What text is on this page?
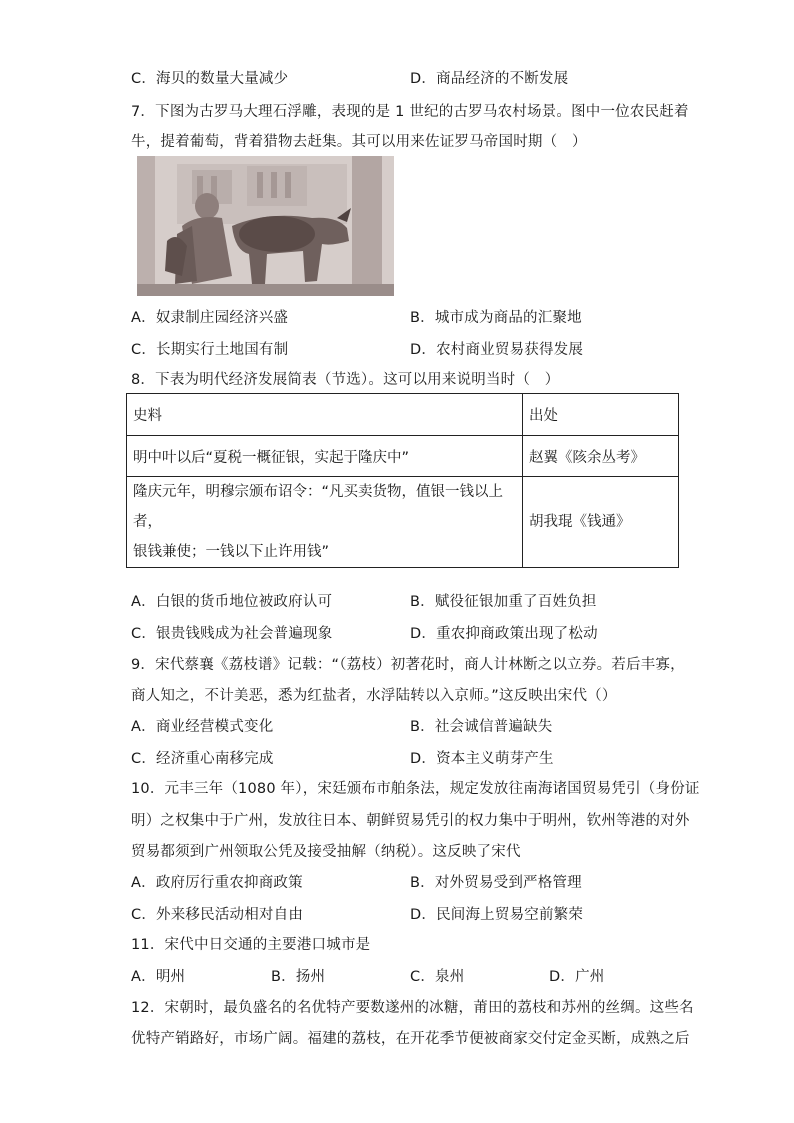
C．海贝的数量大量减少	D．商品经济的不断发展
7．下图为古罗马大理石浮雕，表现的是 1 世纪的古罗马农村场景。图中一位农民赶着
牛，提着葡萄，背着猎物去赶集。其可以用来佐证罗马帝国时期（　）
A．奴隶制庄园经济兴盛	B．城市成为商品的汇聚地
C．长期实行土地国有制	D．农村商业贸易获得发展
8．下表为明代经济发展简表（节选）。这可以用来说明当时（　）
史料	出处
明中叶以后“夏税一概征银，实起于隆庆中”	赵翼《陔余丛考》

隆庆元年，明穆宗颁布诏令：“凡买卖货物，值银一钱以上者，
银钱兼使；一钱以下止许用钱”	胡我琨《钱通》
A．白银的货币地位被政府认可	B．赋役征银加重了百姓负担
C．银贵钱贱成为社会普遍现象	D．重农抑商政策出现了松动
9．宋代蔡襄《荔枝谱》记载：“（荔枝）初著花时，商人计林断之以立券。若后丰寡，
商人知之，不计美恶，悉为红盐者，水浮陆转以入京师。”这反映出宋代（）
A．商业经营模式变化	B．社会诚信普遍缺失
C．经济重心南移完成	D．资本主义萌芽产生
10．元丰三年（1080 年），宋廷颁布市舶条法，规定发放往南海诸国贸易凭引（身份证
明）之权集中于广州，发放往日本、朝鲜贸易凭引的权力集中于明州，钦州等港的对外
贸易都须到广州领取公凭及接受抽解（纳税）。这反映了宋代
A．政府厉行重农抑商政策	B．对外贸易受到严格管理
C．外来移民活动相对自由	D．民间海上贸易空前繁荣
11．宋代中日交通的主要港口城市是
A．明州	B．扬州	C．泉州	D．广州
12．宋朝时，最负盛名的名优特产要数遂州的冰糖，莆田的荔枝和苏州的丝绸。这些名
优特产销路好，市场广阔。福建的荔枝，在开花季节便被商家交付定金买断，成熟之后
